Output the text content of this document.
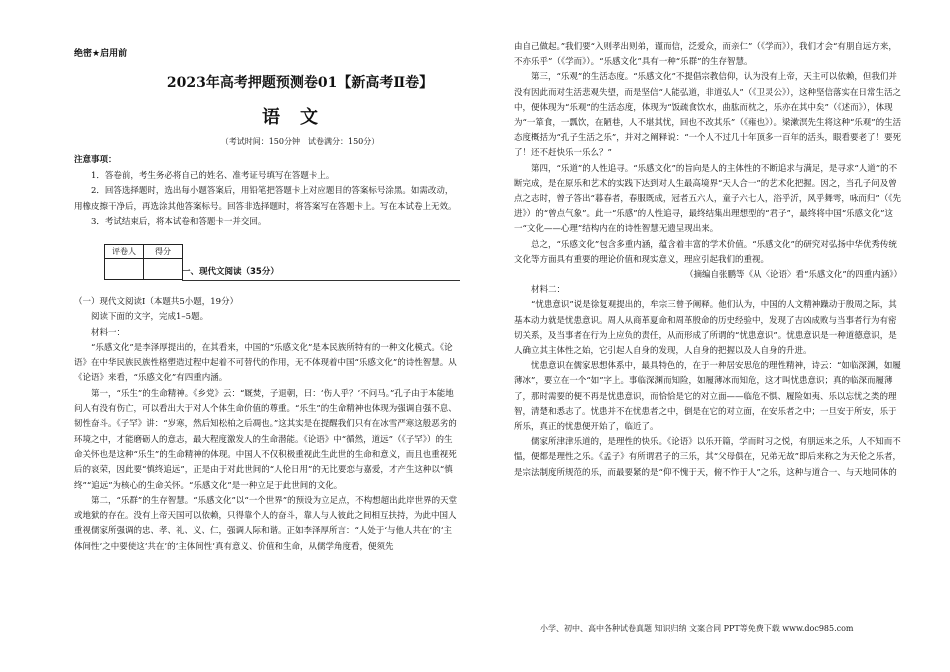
绝密★启用前
2023年高考押题预测卷01【新高考Ⅱ卷】
语文
（考试时间：150分钟　试卷满分：150分）

注意事项：

1．答卷前，考生务必将自己的姓名、准考证号填写在答题卡上。

2．回答选择题时，选出每小题答案后，用铅笔把答题卡上对应题目的答案标号涂黑。如需改动，用橡皮擦干净后，再选涂其他答案标号。回答非选择题时，将答案写在答题卡上。写在本试卷上无效。

3．考试结束后，将本试卷和答题卡一并交回。

评卷人	得分

一、现代文阅读（35分）

（一）现代文阅读Ⅰ（本题共5小题，19分）

阅读下面的文字，完成1–5题。

材料一：

“乐感文化”是李泽厚提出的，在其看来，中国的“乐感文化”是本民族所特有的一种文化模式。《论语》在中华民族民族性格塑造过程中起着不可替代的作用，无不体现着中国“乐感文化”的诗性智慧。从《论语》来看，“乐感文化”有四重内涵。

第一，“乐生”的生命精神。《乡党》云：“厩焚，子退朝，曰：‘伤人乎？’不问马。”孔子由于本能地问人有没有伤亡，可以看出大于对人个体生命价值的尊重。“乐生”的生命精神也体现为强调自强不息、韧性奋斗。《子罕》讲：“岁寒，然后知松柏之后凋也。”这其实是在提醒我们只有在冰雪严寒这般恶劣的环境之中，才能磨砺人的意志，最大程度激发人的生命潜能。《论语》中“循然，道远”（《子罕》）的生命关怀也是这种“乐生”的生命精神的体现。中国人不仅积极重视此生此世的生命和意义，而且也重视死后的哀荣，因此要“慎终追远”，正是由于对此世间的“人伦日用”的无比要恋与嘉爱，才产生这种以“慎终”“追远”为核心的生命关怀。“乐感文化”是一种立足于此世间的文化。

第二，“乐群”的生存智慧。“乐感文化”以“一个世界”的预设为立足点，不构想超出此岸世界的天堂或地狱的存在。没有上帝天国可以依赖，只得靠个人的奋斗，靠人与人彼此之间相互扶持，为此中国人重视儒家所强调的忠、孝、礼、义、仁，强调人际和谐。正如李泽厚所言：“人处于‘与他人共在’的‘主体间性’之中要使这‘共在’的‘主体间性’真有意义、价值和生命，从儒学角度看，便须先

由自己做起。”我们要“入则孝出则弟，谨而信，泛爱众，而亲仁”（《学而》），我们才会“有朋自远方来，不亦乐乎”（《学而》）。“乐感文化”具有一种“乐群”的生存智慧。

第三，“乐观”的生活态度。“乐感文化”不提倡宗教信仰，认为没有上帝，天主可以依赖，但我们并没有因此而对生活悲观失望，而是坚信“人能弘道，非道弘人”（《卫灵公》），这种坚信落实在日常生活之中，便体现为“乐观”的生活态度，体现为“饭疏食饮水，曲肱而枕之，乐亦在其中矣”（《述而》），体现为“一箪食，一瓢饮，在陋巷，人不堪其忧，回也不改其乐”（《雍也》）。梁漱溟先生将这种“乐观”的生活态度概括为“孔子生活之乐”，并对之阐释说：“一个人不过几十年顶多一百年的活头，眼看要老了！要死了！还不赶快乐一乐么？”

第四，“乐道”的人性追寻。“乐感文化”的旨向是人的主体性的不断追求与满足，是寻求“人道”的不断完成，是在原乐和艺术的实践下达到对人生最高境界“天人合一”的艺术化把握。因之，当孔子问及曾点之志时，曾子答出“暮春者，春服既成，冠者五六人，童子六七人，浴乎沂，风乎舞雩，咏而归”（《先进》）的“曾点气象”。此一“乐感”的人性追寻，最终结集出理想型的“君子”，最终将中国“乐感文化”这一“文化——心理”结构内在的诗性智慧无遗呈现出来。

总之，“乐感文化”包含多重内涵，蕴含着丰富的学术价值。“乐感文化”的研究对弘扬中华优秀传统文化等方面具有重要的理论价值和现实意义，理应引起我们的重视。

（摘编自张鹏等《从〈论语〉看“乐感文化”的四重内涵》）

材料二：

“忧患意识”说是徐复观提出的，牟宗三曾予阐释。他们认为，中国的人文精神躁动于殷周之际，其基本动力就是忧患意识。周人从商革夏命和周革殷命的历史经验中，发现了吉凶成败与当事者行为有密切关系，及当事者在行为上应负的责任，从而形成了所谓的“忧患意识”。忧患意识是一种道德意识，是人确立其主体性之始，它引起人自身的发现，人自身的把握以及人自身的升进。

忧患意识在儒家思想体系中，最具特色的，在于一种居安思危的理性精神，诗云：“如临深渊，如履薄冰”，要立在一个“如”字上。事临深渊而知险，如履薄冰而知危，这才叫忧患意识；真的临深而履薄了，那时需要的便不再是忧患意识，而恰恰是它的对立面——临危不惧、履险如夷、乐以忘忧之类的理智，清楚和悉志了。忧患并不在忧患者之中，倒是在它的对立面，在安乐者之中；一旦安于所安，乐于所乐，真正的忧患便开始了，临近了。

儒家所津津乐道的，是理性的快乐。《论语》以乐开篇，学而时习之悦，有朋远来之乐，人不知而不愠，便都是理性之乐。《孟子》有所谓君子的三乐，其“父母俱在，兄弟无故”即后来称之为天伦之乐者，是宗法制度所规范的乐，而最要紧的是“仰不愧于天，俯不怍于人”之乐，这种与道合一、与天地同体的

小学、初中、高中各种试卷真题 知识归纳 文案合同 PPT等免费下载 www.doc985.com
